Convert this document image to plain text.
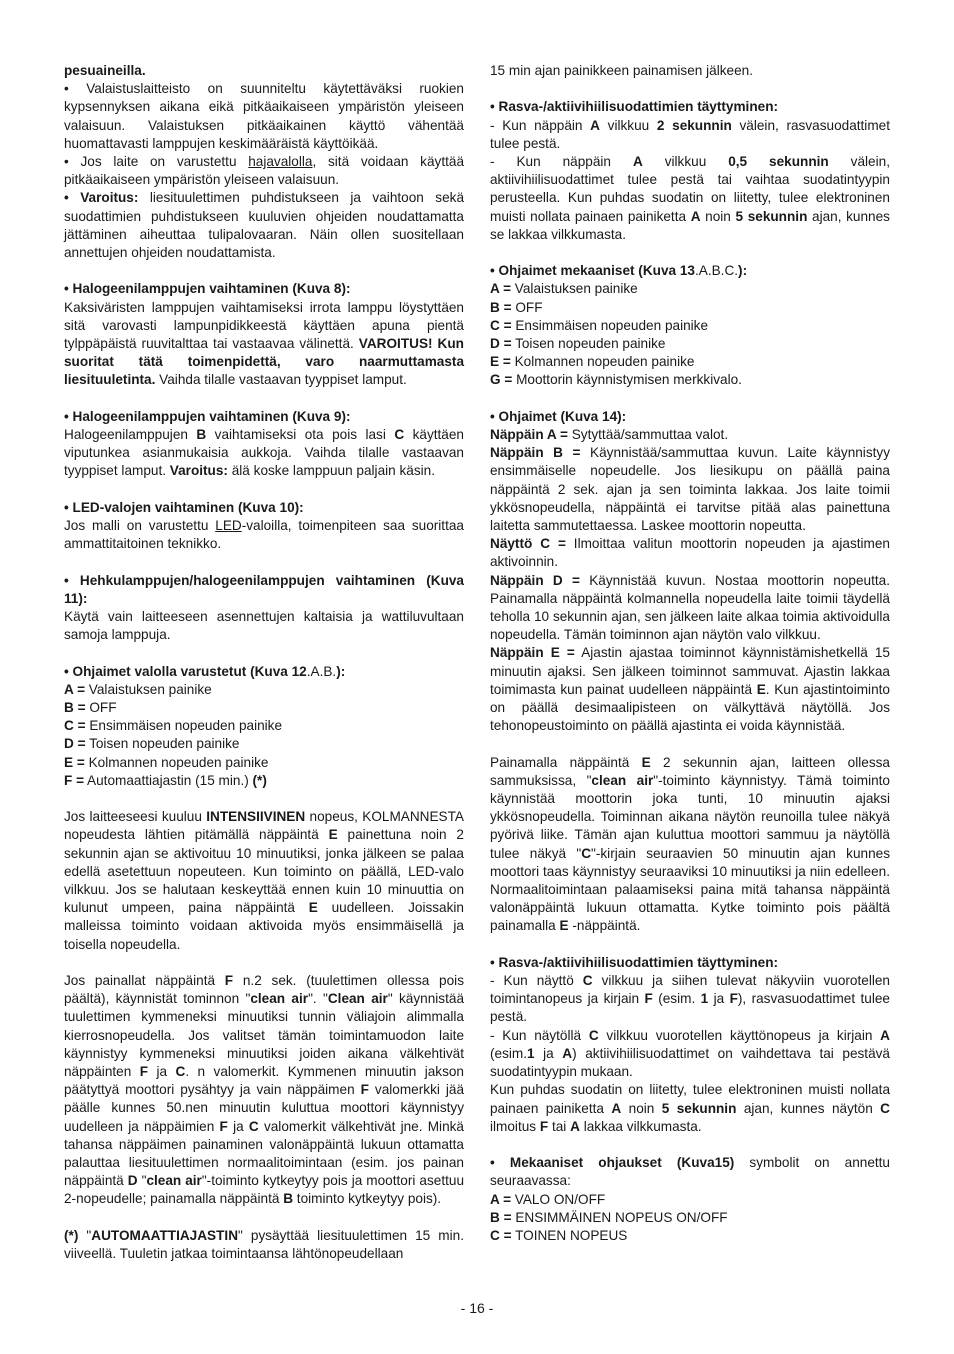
pesuaineilla.

• Valaistuslaitteisto on suunniteltu käytettäväksi ruokien kypsennyksen aikana eikä pitkäaikaiseen ympäristön yleiseen valaisuun. Valaistuksen pitkäaikainen käyttö vähentää huomattavasti lamppujen keskimääräistä käyttöikää.

• Jos laite on varustettu hajavalolla, sitä voidaan käyttää pitkäaikaiseen ympäristön yleiseen valaisuun.

• Varoitus: liesituulettimen puhdistukseen ja vaihtoon sekä suodattimien puhdistukseen kuuluvien ohjeiden noudattamatta jättäminen aiheuttaa tulipalovaaran. Näin ollen suositellaan annettujen ohjeiden noudattamista.

• Halogeenilamppujen vaihtaminen (Kuva 8):

Kaksiväristen lamppujen vaihtamiseksi irrota lamppu löystyttäen sitä varovasti lampunpidikkeestä käyttäen apuna pientä tylppäpäistä ruuvitalttaa tai vastaavaa välinettä. VAROITUS! Kun suoritat tätä toimenpidettä, varo naarmuttamasta liesituuletinta. Vaihda tilalle vastaavan tyyppiset lamput.

• Halogeenilamppujen vaihtaminen (Kuva 9):

Halogeenilamppujen B vaihtamiseksi ota pois lasi C käyttäen viputunkea asianmukaisia aukkoja. Vaihda tilalle vastaavan tyyppiset lamput. Varoitus: älä koske lamppuun paljain käsin.

• LED-valojen vaihtaminen (Kuva 10):

Jos malli on varustettu LED-valoilla, toimenpiteen saa suorittaa ammattitaitoinen teknikko.

• Hehkulamppujen/halogeenilamppujen vaihtaminen (Kuva 11):

Käytä vain laitteeseen asennettujen kaltaisia ja wattiluvultaan samoja lamppuja.

• Ohjaimet valolla varustetut (Kuva 12.A.B.):

A = Valaistuksen painike

B = OFF

C = Ensimmäisen nopeuden painike

D = Toisen nopeuden painike

E = Kolmannen nopeuden painike

F = Automaattiajastin (15 min.) (*)

Jos laitteeseesi kuuluu INTENSIIVINEN nopeus, KOLMANNESTA nopeudesta lähtien pitämällä näppäintä E painettuna noin 2 sekunnin ajan se aktivoituu 10 minuutiksi, jonka jälkeen se palaa edellä asetettuun nopeuteen. Kun toiminto on päällä, LED-valo vilkkuu. Jos se halutaan keskeyttää ennen kuin 10 minuuttia on kulunut umpeen, paina näppäintä E uudelleen. Joissakin malleissa toiminto voidaan aktivoida myös ensimmäisellä ja toisella nopeudella.

Jos painallat näppäintä F n.2 sek. (tuulettimen ollessa pois päältä), käynnistät tominnon "clean air". "Clean air" käynnistää tuulettimen kymmeneksi minuutiksi tunnin väliajoin alimmalla kierrosnopeudella. Jos valitset tämän toimintamuodon laite käynnistyy kymmeneksi minuutiksi joiden aikana välkehtivät näppäinten F ja C. n valomerkit. Kymmenen minuutin jakson päätyttyä moottori pysähtyy ja vain näppäimen F valomerkki jää päälle kunnes 50.nen minuutin kuluttua moottori käynnistyy uudelleen ja näppäimien F ja C valomerkit välkehtivät jne. Minkä tahansa näppäimen painaminen valonäppäintä lukuun ottamatta palauttaa liesituulettimen normaalitoimintaan (esim. jos painan näppäintä D "clean air"-toiminto kytkeytyy pois ja moottori asettuu 2-nopeudelle; painamalla näppäintä B toiminto kytkeytyy pois).

(*) "AUTOMAATTIAJASTIN" pysäyttää liesituulettimen 15 min. viiveellä. Tuuletin jatkaa toimintaansa lähtönopeudellaan

15 min ajan painikkeen painamisen jälkeen.

• Rasva-/aktiivihiilisuodattimien täyttyminen:

- Kun näppäin A vilkkuu 2 sekunnin välein, rasvasuodattimet tulee pestä.

- Kun näppäin A vilkkuu 0,5 sekunnin välein, aktiivihiilisuodattimet tulee pestä tai vaihtaa suodatintyypin perusteella. Kun puhdas suodatin on liitetty, tulee elektroninen muisti nollata painaen painiketta A noin 5 sekunnin ajan, kunnes se lakkaa vilkkumasta.

• Ohjaimet mekaaniset (Kuva 13.A.B.C.):

A = Valaistuksen painike

B = OFF

C = Ensimmäisen nopeuden painike

D = Toisen nopeuden painike

E = Kolmannen nopeuden painike

G = Moottorin käynnistymisen merkkivalo.

• Ohjaimet (Kuva 14):

Näppäin A = Sytyttää/sammuttaa valot.

Näppäin B = Käynnistää/sammuttaa kuvun. Laite käynnistyy ensimmäiselle nopeudelle. Jos liesikupu on päällä paina näppäintä 2 sek. ajan ja sen toiminta lakkaa. Jos laite toimii ykkösnopeudella, näppäintä ei tarvitse pitää alas painettuna laitetta sammutettaessa. Laskee moottorin nopeutta.

Näyttö C = Ilmoittaa valitun moottorin nopeuden ja ajastimen aktivoinnin.

Näppäin D = Käynnistää kuvun. Nostaa moottorin nopeutta. Painamalla näppäintä kolmannella nopeudella laite toimii täydellä teholla 10 sekunnin ajan, sen jälkeen laite alkaa toimia aktivoidulla nopeudella. Tämän toiminnon ajan näytön valo vilkkuu.

Näppäin E = Ajastin ajastaa toiminnot käynnistämishetkellä 15 minuutin ajaksi. Sen jälkeen toiminnot sammuvat. Ajastin lakkaa toimimasta kun painat uudelleen näppäintä E. Kun ajastintoiminto on päällä desimaalipisteen on välkyttävä näytöllä. Jos tehonopeustoiminto on päällä ajastinta ei voida käynnistää.

Painamalla näppäintä E 2 sekunnin ajan, laitteen ollessa sammuksissa, "clean air"-toiminto käynnistyy. Tämä toiminto käynnistää moottorin joka tunti, 10 minuutin ajaksi ykkösnopeudella. Toiminnan aikana näytön reunoilla tulee näkyä pyörivä liike. Tämän ajan kuluttua moottori sammuu ja näytöllä tulee näkyä "C"-kirjain seuraavien 50 minuutin ajan kunnes moottori taas käynnistyy seuraaviksi 10 minuutiksi ja niin edelleen. Normaalitoimintaan palaamiseksi paina mitä tahansa näppäintä valonäppäintä lukuun ottamatta. Kytke toiminto pois päältä painamalla E -näppäintä.

• Rasva-/aktiivihiilisuodattimien täyttyminen:

- Kun näyttö C vilkkuu ja siihen tulevat näkyviin vuorotellen toimintanopeus ja kirjain F (esim. 1 ja F), rasvasuodattimet tulee pestä.

- Kun näytöllä C vilkkuu vuorotellen käyttönopeus ja kirjain A (esim.1 ja A) aktiivihiilisuodattimet on vaihdettava tai pestävä suodatintyypin mukaan.

Kun puhdas suodatin on liitetty, tulee elektroninen muisti nollata painaen painiketta A noin 5 sekunnin ajan, kunnes näytön C ilmoitus F tai A lakkaa vilkkumasta.

• Mekaaniset ohjaukset (Kuva15) symbolit on annettu seuraavassa:

A = VALO ON/OFF

B = ENSIMMÄINEN NOPEUS ON/OFF

C = TOINEN NOPEUS

- 16 -
